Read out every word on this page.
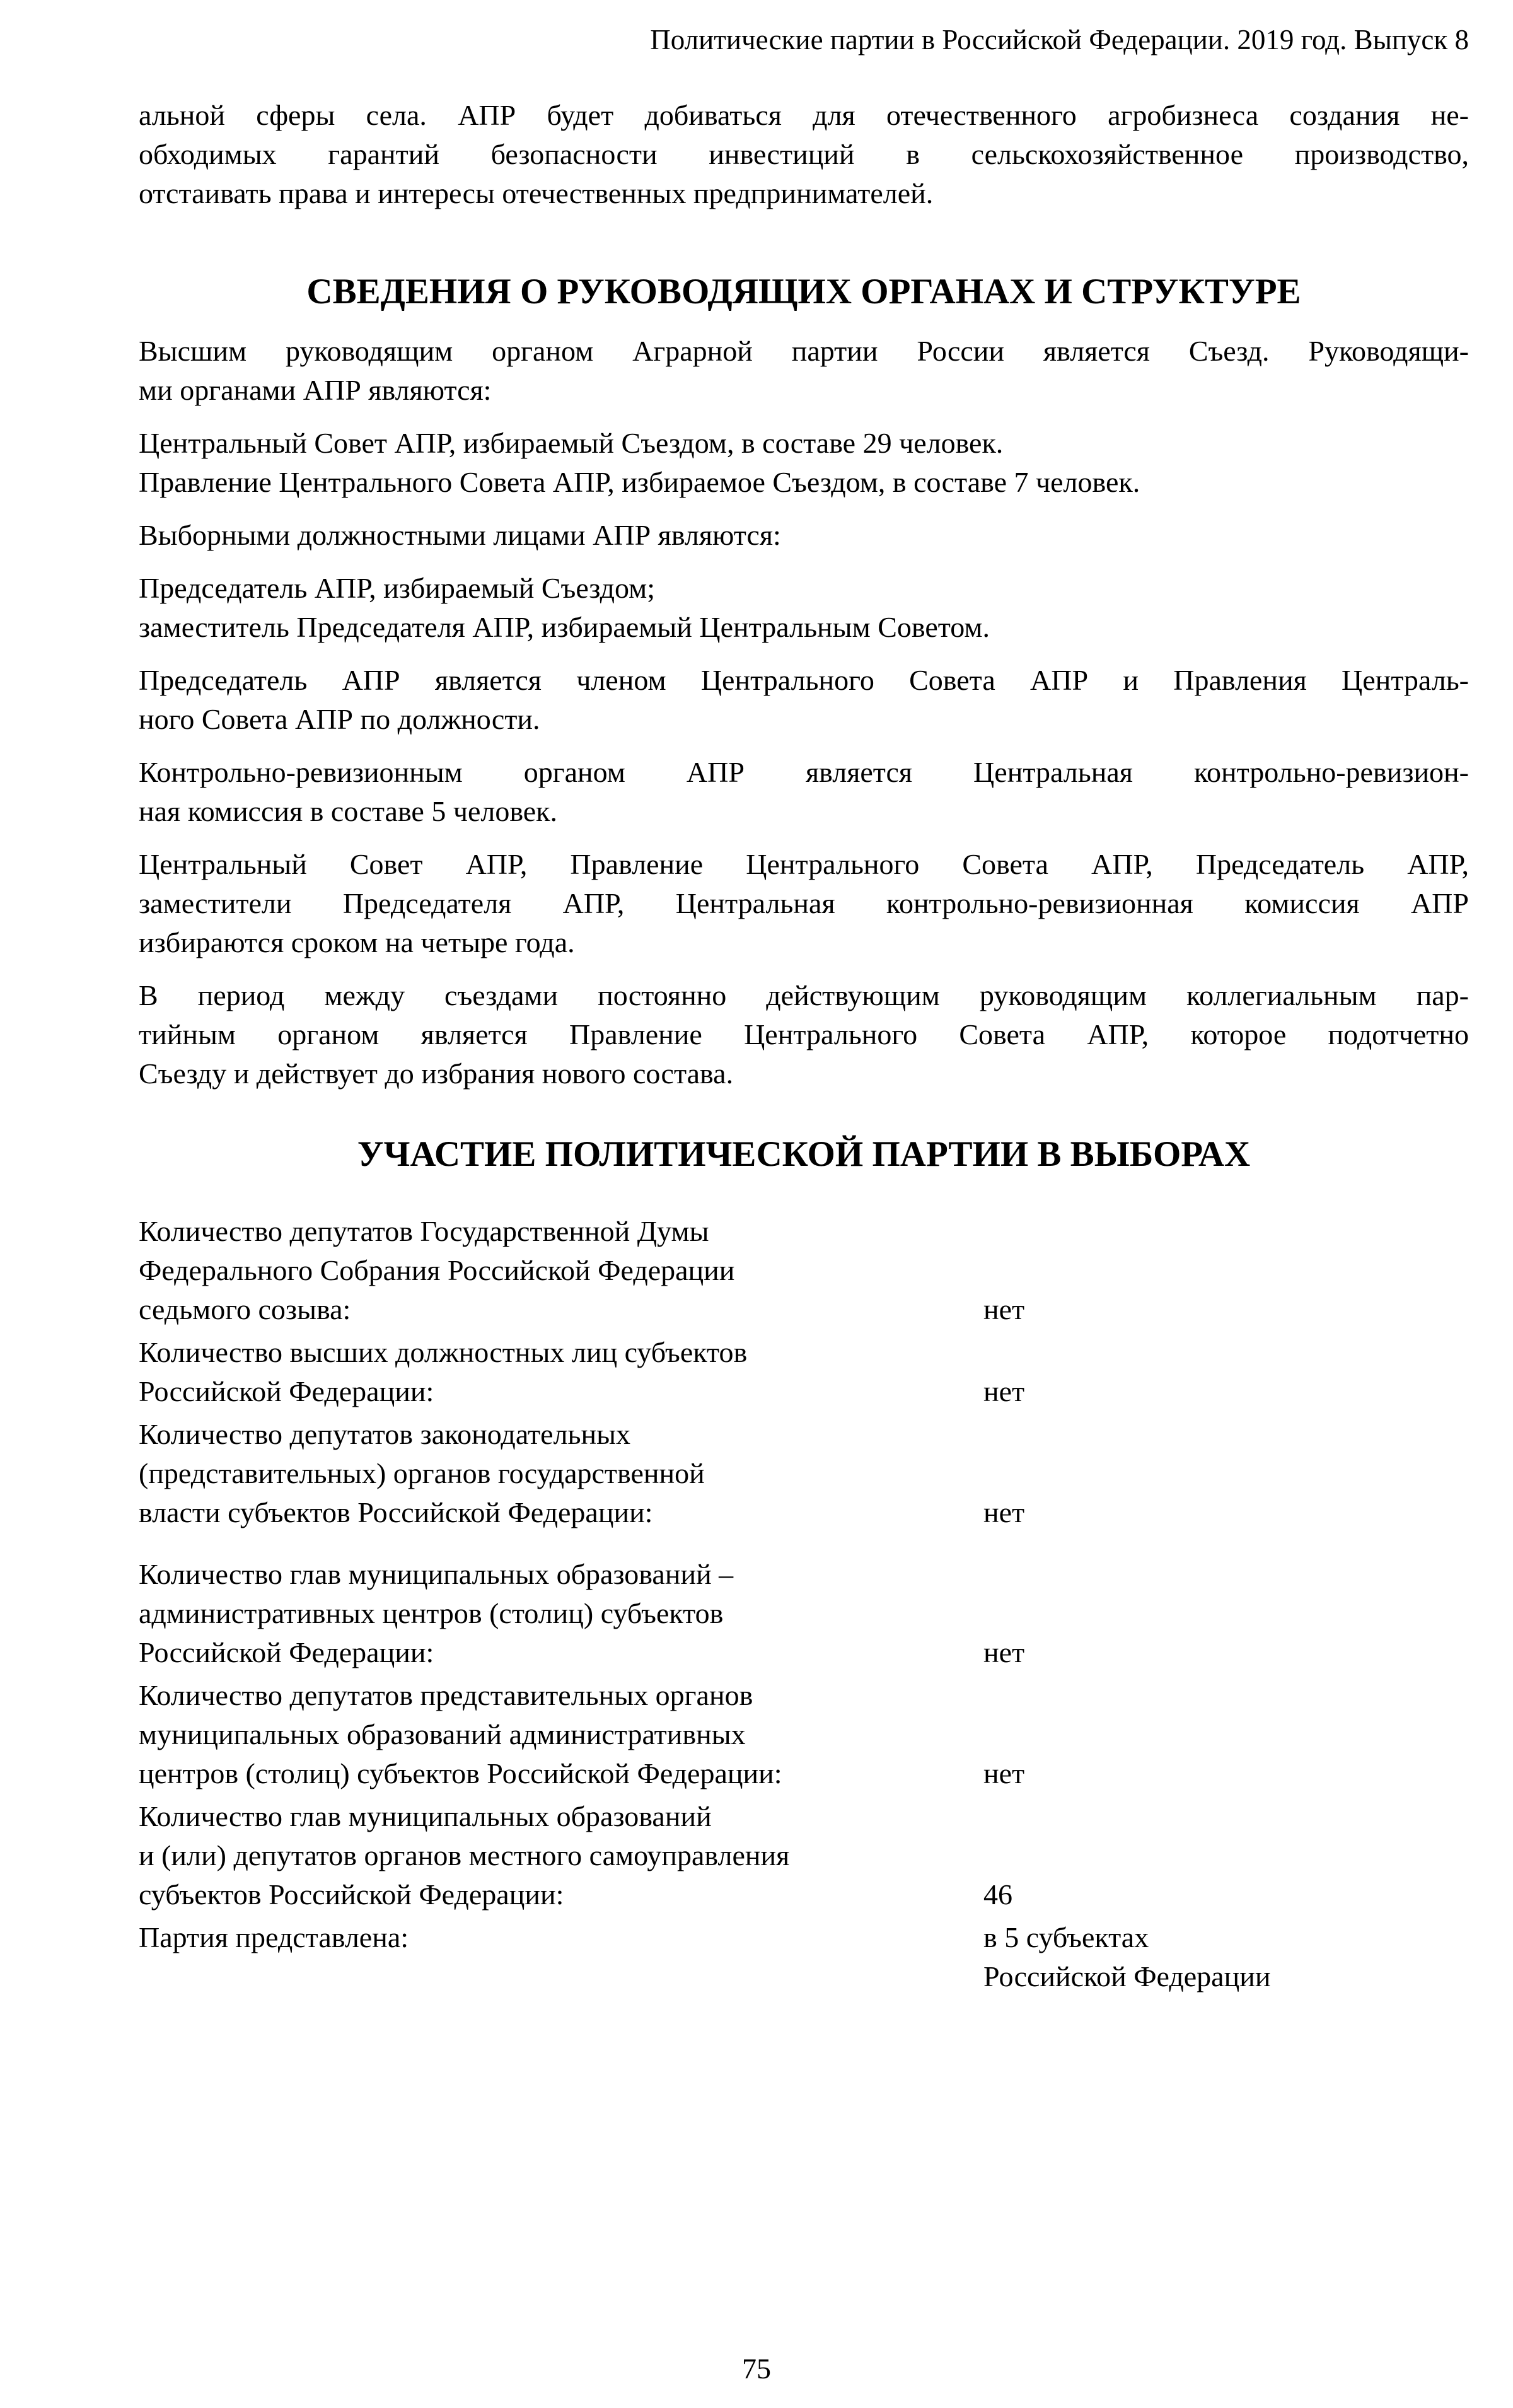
Политические партии в Российской Федерации. 2019 год. Выпуск 8
альной сферы села. АПР будет добиваться для отечественного агробизнеса создания не-
обходимых гарантий безопасности инвестиций в сельскохозяйственное производство,
отстаивать права и интересы отечественных предпринимателей.
СВЕДЕНИЯ О РУКОВОДЯЩИХ ОРГАНАХ И СТРУКТУРЕ
Высшим руководящим органом Аграрной партии России является Съезд. Руководящи-
ми органами АПР являются:
Центральный Совет АПР, избираемый Съездом, в составе 29 человек.
Правление Центрального Совета АПР, избираемое Съездом, в составе 7 человек.
Выборными должностными лицами АПР являются:
Председатель АПР, избираемый Съездом;
заместитель Председателя АПР, избираемый Центральным Советом.
Председатель АПР является членом Центрального Совета АПР и Правления Централь-
ного Совета АПР по должности.
Контрольно-ревизионным органом АПР является Центральная контрольно-ревизион-
ная комиссия в составе 5 человек.
Центральный Совет АПР, Правление Центрального Совета АПР, Председатель АПР,
заместители Председателя АПР, Центральная контрольно-ревизионная комиссия АПР
избираются сроком на четыре года.
В период между съездами постоянно действующим руководящим коллегиальным пар-
тийным органом является Правление Центрального Совета АПР, которое подотчетно
Съезду и действует до избрания нового состава.
УЧАСТИЕ ПОЛИТИЧЕСКОЙ ПАРТИИ В ВЫБОРАХ
Количество депутатов Государственной Думы
Федерального Собрания Российской Федерации
седьмого созыва:	нет
Количество высших должностных лиц субъектов
Российской Федерации:	нет
Количество депутатов законодательных
(представительных) органов государственной
власти субъектов Российской Федерации:	нет
Количество глав муниципальных образований –
административных центров (столиц) субъектов
Российской Федерации:	нет
Количество депутатов представительных органов
муниципальных образований административных
центров (столиц) субъектов Российской Федерации:	нет
Количество глав муниципальных образований
и (или) депутатов органов местного самоуправления
субъектов Российской Федерации:	46
Партия представлена:	в 5 субъектах
Российской Федерации
75
